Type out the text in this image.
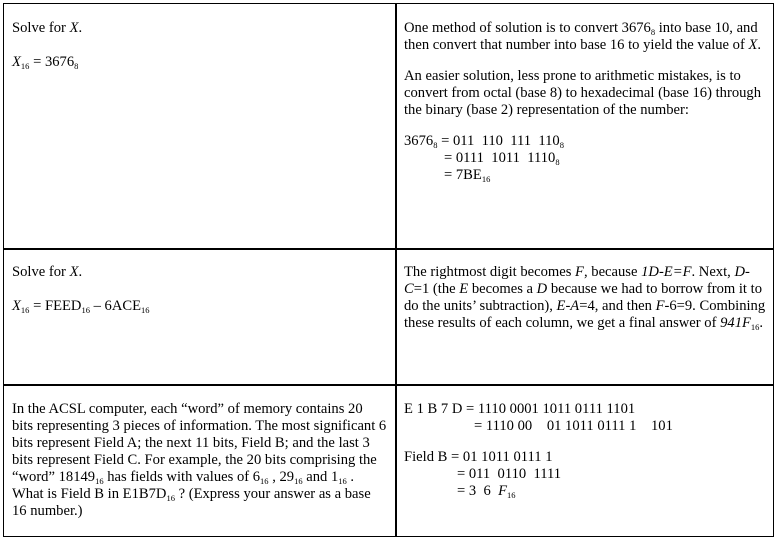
Solve for X.

$X_{16} = 3676_8$

One method of solution is to convert $3676_8$ into base 10, and then convert that number into base 16 to yield the value of X.

An easier solution, less prone to arithmetic mistakes, is to convert from octal (base 8) to hexadecimal (base 16) through the binary (base 2) representation of the number:

$3676_8 = 011$  110  111  $110_8$

= 0111  1011  $1110_8$

= $7BE_{16}$

Solve for X.

$X_{16}$ = $FEED_{16} - 6ACE_{16}$

The rightmost digit becomes F, because 1D-E=F. Next, D-C=1 (the E becomes a D because we had to borrow from it to do the units’ subtraction), E-A=4, and then F-6=9. Combining these results of each column, we get a final answer of $941F_{16}$.

In the ACSL computer, each “word” of memory contains 20 bits representing 3 pieces of information. The most significant 6 bits represent Field A; the next 11 bits, Field B; and the last 3 bits represent Field C. For example, the 20 bits comprising the “word” $18149_{16}$ has fields with values of $6_{16}$ , $29_{16}$ and $1_{16}$ . What is Field B in $E1B7D_{16}$ ? (Express your answer as a base 16 number.)

E 1 B 7 D = 1110 0001 1011 0111 1101

= 1110 00    01 1011 0111 1    101

Field B = 01 1011 0111 1

= 011  0110  1111

= 3  6  $F_{16}$
